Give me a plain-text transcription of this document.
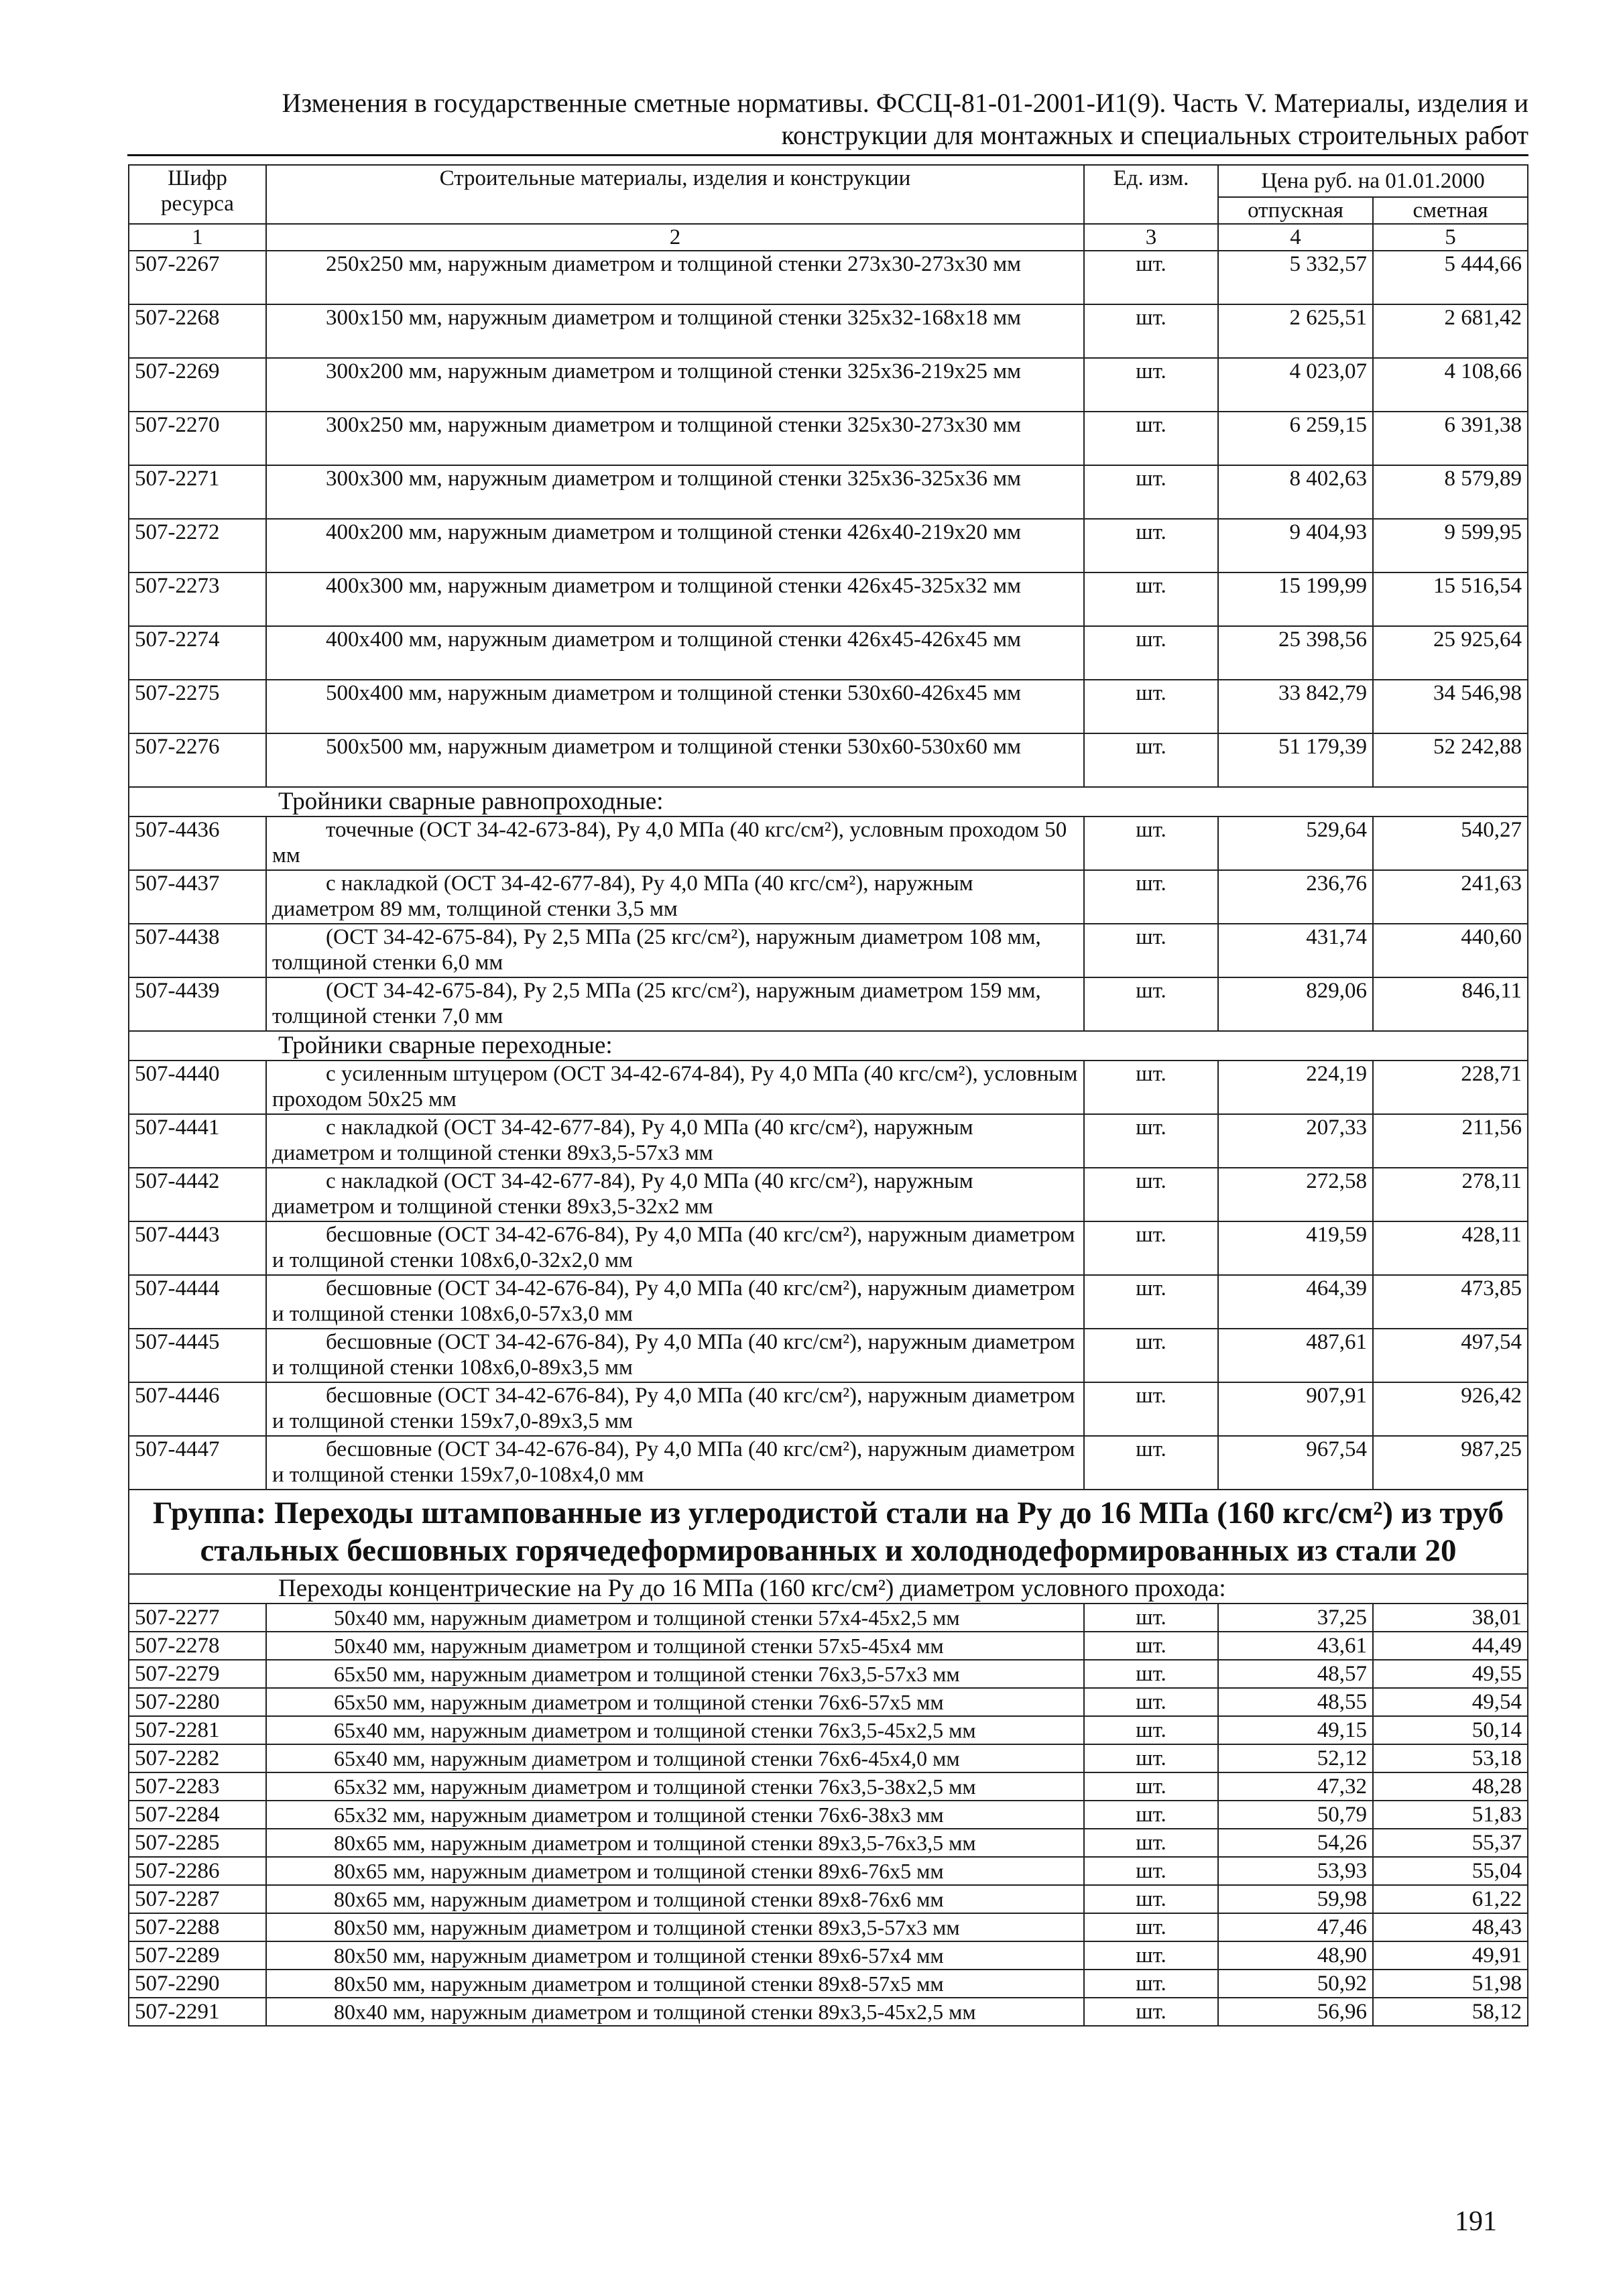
Изменения в государственные сметные нормативы. ФССЦ-81-01-2001-И1(9). Часть V. Материалы, изделия и
конструкции для монтажных и специальных строительных работ
Шифр ресурса	Строительные материалы, изделия и конструкции	Ед. изм.	Цена руб. на 01.01.2000	
			отпускная	сметная
1	2	3	4	5
507-2267	250x250 мм, наружным диаметром и толщиной стенки 273x30-273x30 мм	шт.	5 332,57	5 444,66
507-2268	300x150 мм, наружным диаметром и толщиной стенки 325x32-168x18 мм	шт.	2 625,51	2 681,42
507-2269	300x200 мм, наружным диаметром и толщиной стенки 325x36-219x25 мм	шт.	4 023,07	4 108,66
507-2270	300x250 мм, наружным диаметром и толщиной стенки 325x30-273x30 мм	шт.	6 259,15	6 391,38
507-2271	300x300 мм, наружным диаметром и толщиной стенки 325x36-325x36 мм	шт.	8 402,63	8 579,89
507-2272	400x200 мм, наружным диаметром и толщиной стенки 426x40-219x20 мм	шт.	9 404,93	9 599,95
507-2273	400x300 мм, наружным диаметром и толщиной стенки 426x45-325x32 мм	шт.	15 199,99	15 516,54
507-2274	400x400 мм, наружным диаметром и толщиной стенки 426x45-426x45 мм	шт.	25 398,56	25 925,64
507-2275	500x400 мм, наружным диаметром и толщиной стенки 530x60-426x45 мм	шт.	33 842,79	34 546,98
507-2276	500x500 мм, наружным диаметром и толщиной стенки 530x60-530x60 мм	шт.	51 179,39	52 242,88
Тройники сварные равнопроходные:				
507-4436	точечные (ОСТ 34-42-673-84), Ру 4,0 МПа (40 кгс/см²), условным проходом 50 мм	шт.	529,64	540,27
507-4437	с накладкой (ОСТ 34-42-677-84), Ру 4,0 МПа (40 кгс/см²), наружным диаметром 89 мм, толщиной стенки 3,5 мм	шт.	236,76	241,63
507-4438	(ОСТ 34-42-675-84), Ру 2,5 МПа (25 кгс/см²), наружным диаметром 108 мм, толщиной стенки 6,0 мм	шт.	431,74	440,60
507-4439	(ОСТ 34-42-675-84), Ру 2,5 МПа (25 кгс/см²), наружным диаметром 159 мм, толщиной стенки 7,0 мм	шт.	829,06	846,11
Тройники сварные переходные:				
507-4440	с усиленным штуцером (ОСТ 34-42-674-84), Ру 4,0 МПа (40 кгс/см²), условным проходом 50x25 мм	шт.	224,19	228,71
507-4441	с накладкой (ОСТ 34-42-677-84), Ру 4,0 МПа (40 кгс/см²), наружным диаметром и толщиной стенки 89x3,5-57x3 мм	шт.	207,33	211,56
507-4442	с накладкой (ОСТ 34-42-677-84), Ру 4,0 МПа (40 кгс/см²), наружным диаметром и толщиной стенки 89x3,5-32x2 мм	шт.	272,58	278,11
507-4443	бесшовные (ОСТ 34-42-676-84), Ру 4,0 МПа (40 кгс/см²), наружным диаметром и толщиной стенки 108x6,0-32x2,0 мм	шт.	419,59	428,11
507-4444	бесшовные (ОСТ 34-42-676-84), Ру 4,0 МПа (40 кгс/см²), наружным диаметром и толщиной стенки 108x6,0-57x3,0 мм	шт.	464,39	473,85
507-4445	бесшовные (ОСТ 34-42-676-84), Ру 4,0 МПа (40 кгс/см²), наружным диаметром и толщиной стенки 108x6,0-89x3,5 мм	шт.	487,61	497,54
507-4446	бесшовные (ОСТ 34-42-676-84), Ру 4,0 МПа (40 кгс/см²), наружным диаметром и толщиной стенки 159x7,0-89x3,5 мм	шт.	907,91	926,42
507-4447	бесшовные (ОСТ 34-42-676-84), Ру 4,0 МПа (40 кгс/см²), наружным диаметром и толщиной стенки 159x7,0-108x4,0 мм	шт.	967,54	987,25
Группа: Переходы штампованные из углеродистой стали на Ру до 16 МПа (160 кгс/см²) из труб стальных бесшовных горячедеформированных и холоднодеформированных из стали 20				
Переходы концентрические на Ру до 16 МПа (160 кгс/см²) диаметром условного прохода:				
507-2277	50x40 мм, наружным диаметром и толщиной стенки 57x4-45x2,5 мм	шт.	37,25	38,01
507-2278	50x40 мм, наружным диаметром и толщиной стенки 57x5-45x4 мм	шт.	43,61	44,49
507-2279	65x50 мм, наружным диаметром и толщиной стенки 76x3,5-57x3 мм	шт.	48,57	49,55
507-2280	65x50 мм, наружным диаметром и толщиной стенки 76x6-57x5 мм	шт.	48,55	49,54
507-2281	65x40 мм, наружным диаметром и толщиной стенки 76x3,5-45x2,5 мм	шт.	49,15	50,14
507-2282	65x40 мм, наружным диаметром и толщиной стенки 76x6-45x4,0 мм	шт.	52,12	53,18
507-2283	65x32 мм, наружным диаметром и толщиной стенки 76x3,5-38x2,5 мм	шт.	47,32	48,28
507-2284	65x32 мм, наружным диаметром и толщиной стенки 76x6-38x3 мм	шт.	50,79	51,83
507-2285	80x65 мм, наружным диаметром и толщиной стенки 89x3,5-76x3,5 мм	шт.	54,26	55,37
507-2286	80x65 мм, наружным диаметром и толщиной стенки 89x6-76x5 мм	шт.	53,93	55,04
507-2287	80x65 мм, наружным диаметром и толщиной стенки 89x8-76x6 мм	шт.	59,98	61,22
507-2288	80x50 мм, наружным диаметром и толщиной стенки 89x3,5-57x3 мм	шт.	47,46	48,43
507-2289	80x50 мм, наружным диаметром и толщиной стенки 89x6-57x4 мм	шт.	48,90	49,91
507-2290	80x50 мм, наружным диаметром и толщиной стенки 89x8-57x5 мм	шт.	50,92	51,98
507-2291	80x40 мм, наружным диаметром и толщиной стенки 89x3,5-45x2,5 мм	шт.	56,96	58,12
191
